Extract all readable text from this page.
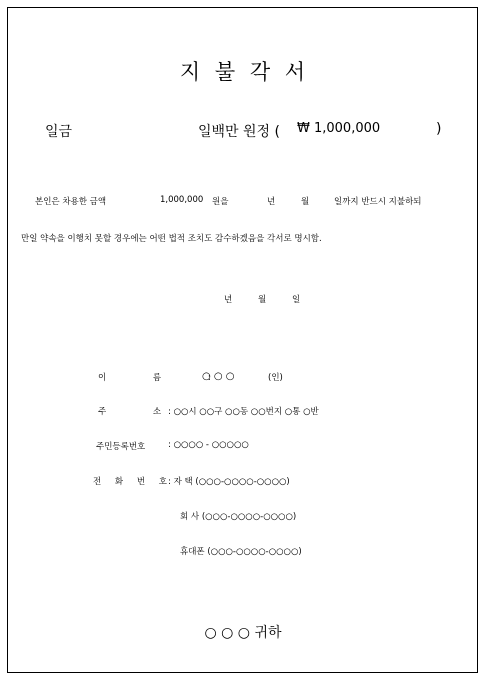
지 불 각 서
일금	일백만 원정 ( ₩ 1,000,000	)
본인은 차용한 금액	1,000,000 원을	년	월	일까지 반드시 지불하되
만일 약속을 이행치 못할 경우에는 어떤 법적 조치도 감수하겠음을 각서로 명시함.
년	월	일
이 름 :
○ ○ ○	(인)
주 소 : ○○시 ○○구 ○○동 ○○번지 ○통 ○반
주민등록번호	: ○○○○ - ○○○○○
전 화 번 호 : 자 택 (○○○-○○○○-○○○○)
회 사 (○○○-○○○○-○○○○)
휴대폰 (○○○-○○○○-○○○○)
○ ○ ○ 귀하
